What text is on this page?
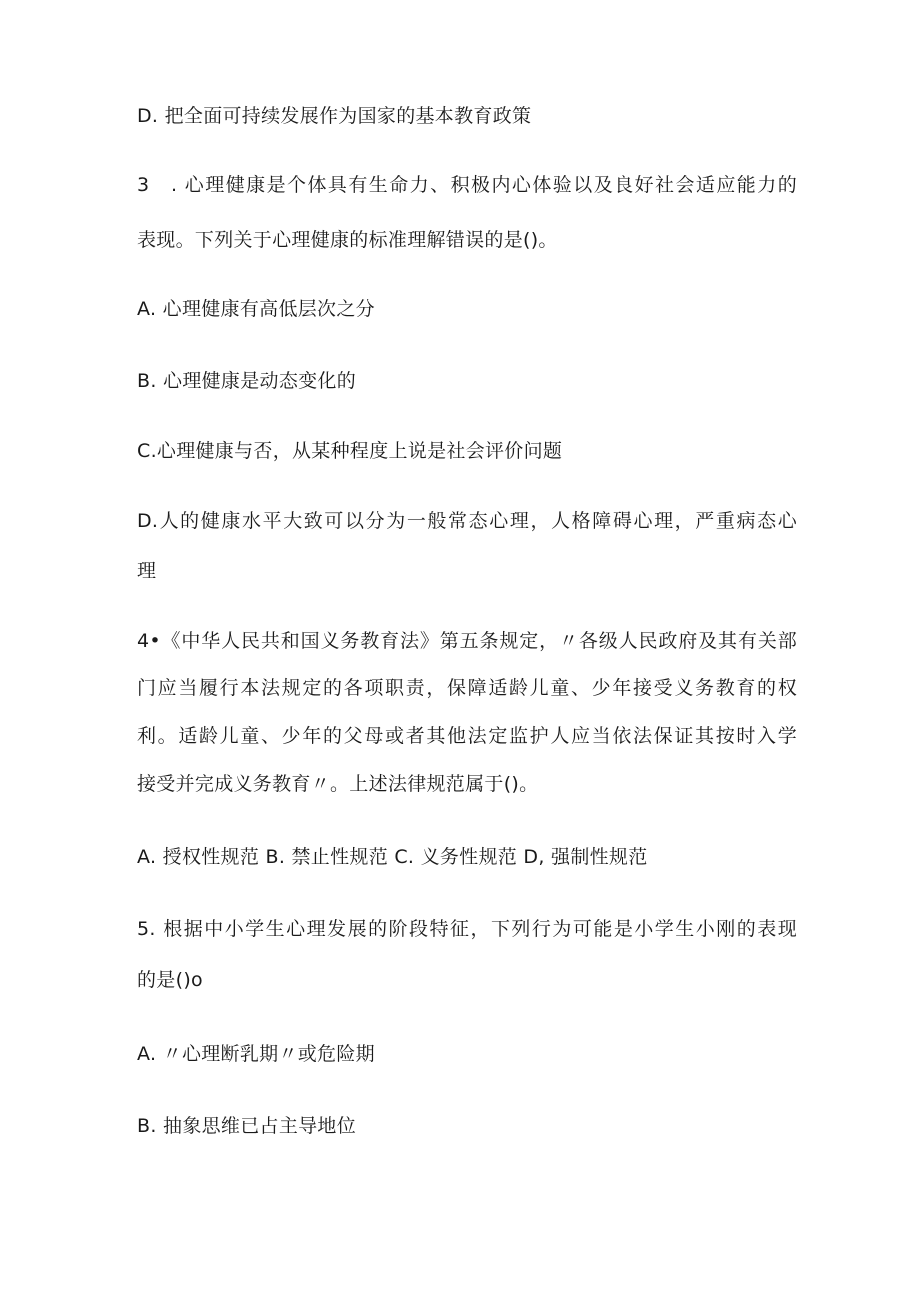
D. 把全面可持续发展作为国家的基本教育政策
3　. 心理健康是个体具有生命力、积极内心体验以及良好社会适应能力的
表现。下列关于心理健康的标准理解错误的是()。
A. 心理健康有高低层次之分
B. 心理健康是动态变化的
C.心理健康与否，从某种程度上说是社会评价问题
D.人的健康水平大致可以分为一般常态心理，人格障碍心理，严重病态心
理
4•《中华人民共和国义务教育法》第五条规定，〃各级人民政府及其有关部
门应当履行本法规定的各项职责，保障适龄儿童、少年接受义务教育的权
利。适龄儿童、少年的父母或者其他法定监护人应当依法保证其按时入学
接受并完成义务教育〃。上述法律规范属于()。
A. 授权性规范 B. 禁止性规范 C. 义务性规范 D, 强制性规范
5. 根据中小学生心理发展的阶段特征，下列行为可能是小学生小刚的表现
的是()o
A. 〃心理断乳期〃或危险期
B. 抽象思维已占主导地位
